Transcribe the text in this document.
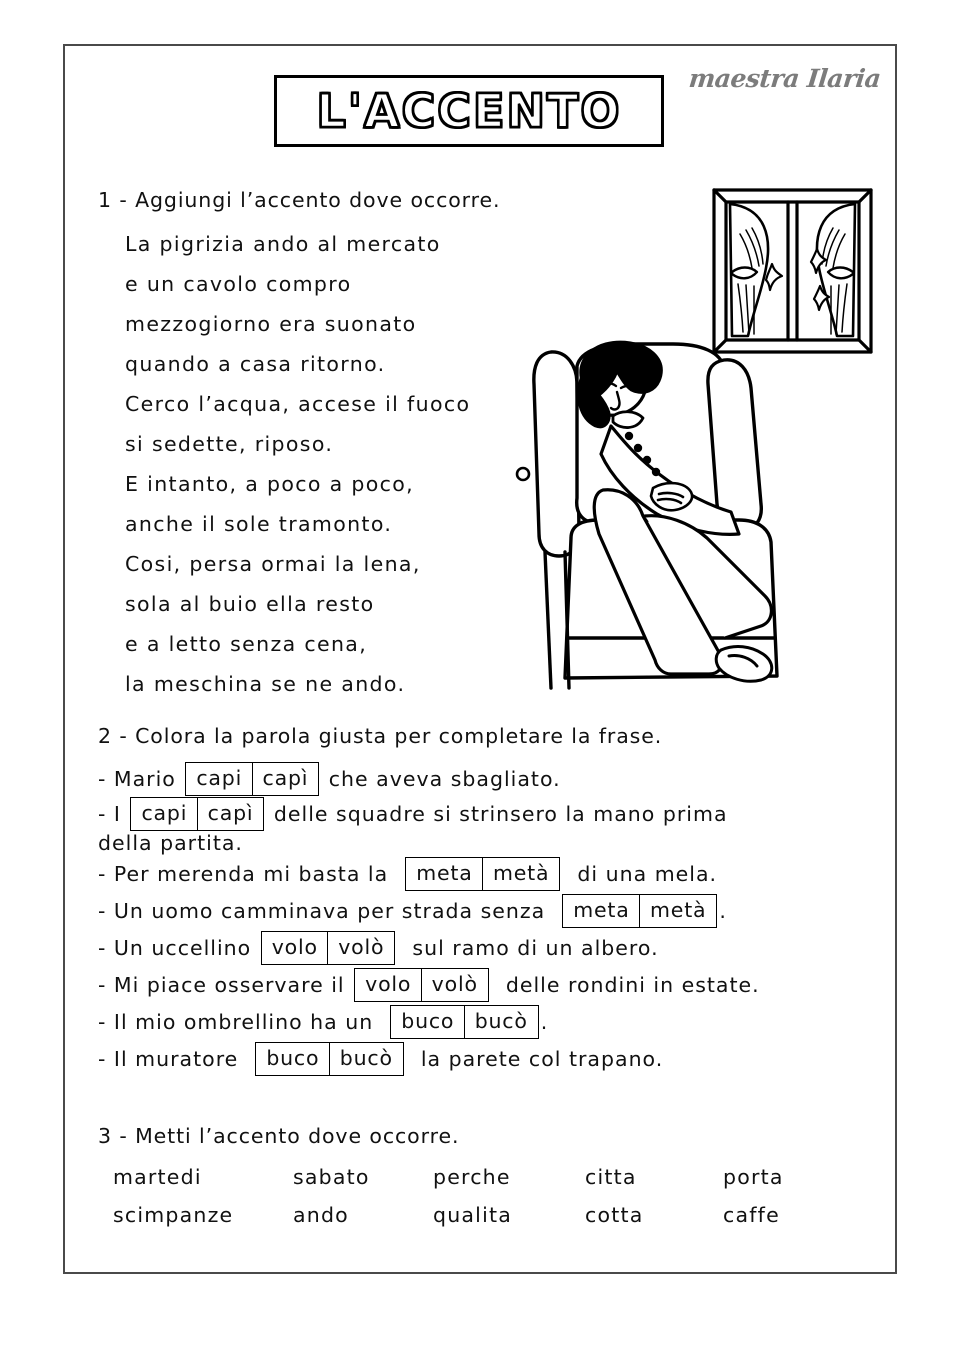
L'ACCENTO
maestra Ilaria
1 - Aggiungi l’accento dove occorre.
La pigrizia ando al mercato
e un cavolo compro
mezzogiorno era suonato
quando a casa ritorno.
Cerco l’acqua, accese il fuoco
si sedette, riposo.
E intanto, a poco a poco,
anche il sole tramonto.
Cosi, persa ormai la lena,
sola al buio ella resto
e a letto senza cena,
la meschina se ne ando.
2 - Colora la parola giusta per completare la frase.
- Mario capi capì che aveva sbagliato.
- I capi capì delle squadre si strinsero la mano prima
della partita.
- Per merenda mi basta la meta metà di una mela.
- Un uomo camminava per strada senza meta metà .
- Un uccellino volo volò sul ramo di un albero.
- Mi piace osservare il volo volò delle rondini in estate.
- Il mio ombrellino ha un buco bucò .
- Il muratore buco bucò la parete col trapano.
3 - Metti l’accento dove occorre.
martedi	sabato	perche	citta	porta
scimpanze	ando	qualita	cotta	caffe
